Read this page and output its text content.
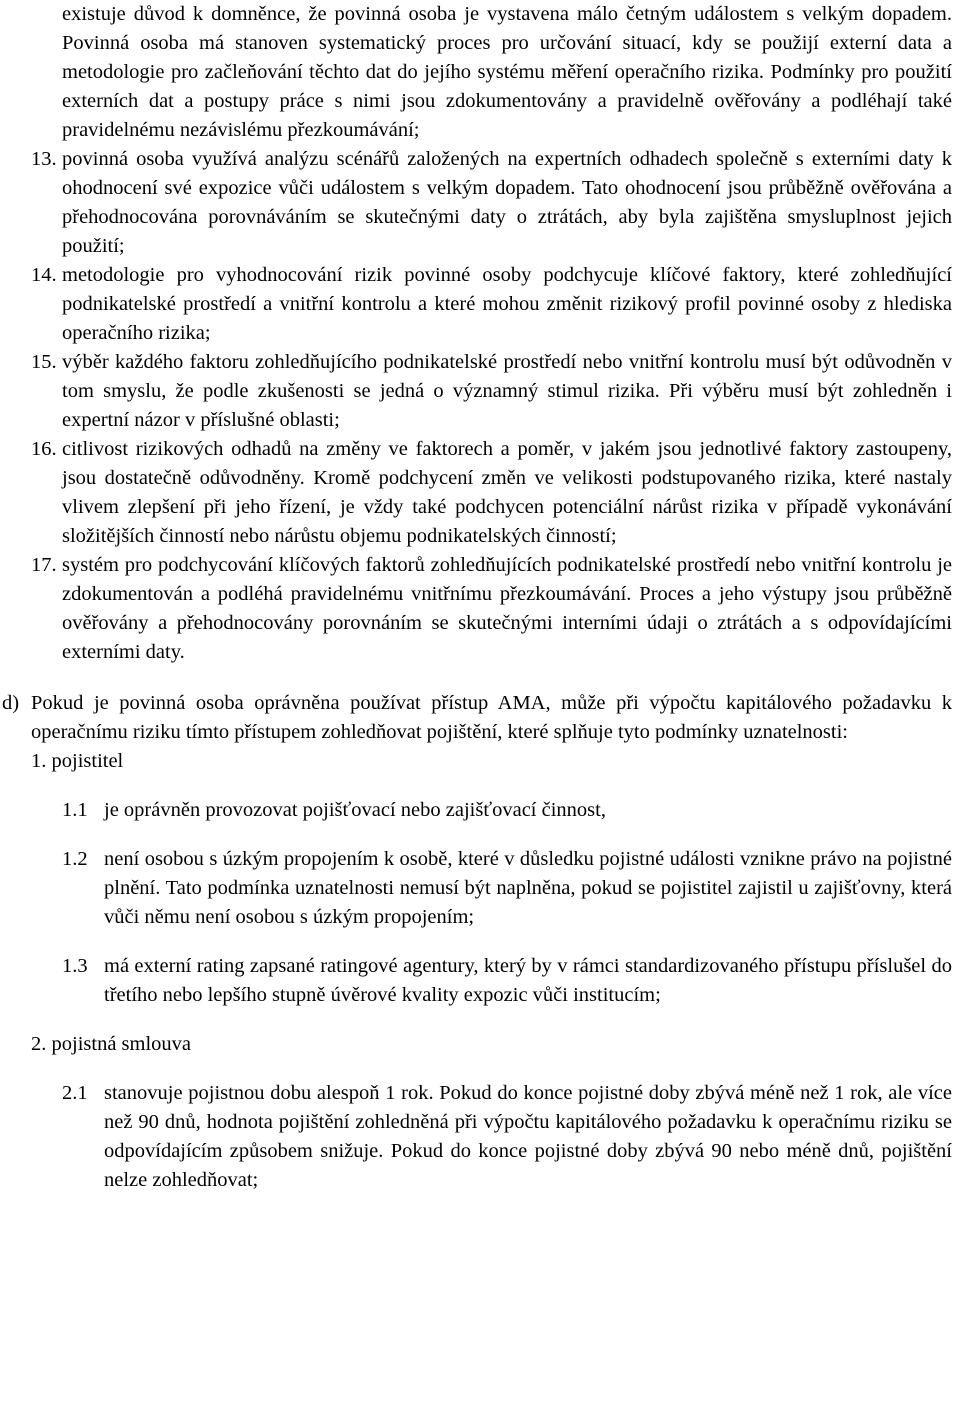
existuje důvod k domněnce, že povinná osoba je vystavena málo četným událostem s velkým dopadem. Povinná osoba má stanoven systematický proces pro určování situací, kdy se použijí externí data a metodologie pro začleňování těchto dat do jejího systému měření operačního rizika. Podmínky pro použití externích dat a postupy práce s nimi jsou zdokumentovány a pravidelně ověřovány a podléhají také pravidelnému nezávislému přezkoumávání;

13. povinná osoba využívá analýzu scénářů založených na expertních odhadech společně s externími daty k ohodnocení své expozice vůči událostem s velkým dopadem. Tato ohodnocení jsou průběžně ověřována a přehodnocována porovnáváním se skutečnými daty o ztrátách, aby byla zajištěna smysluplnost jejich použití;
14. metodologie pro vyhodnocování rizik povinné osoby podchycuje klíčové faktory, které zohledňující podnikatelské prostředí a vnitřní kontrolu a které mohou změnit rizikový profil povinné osoby z hlediska operačního rizika;
15. výběr každého faktoru zohledňujícího podnikatelské prostředí nebo vnitřní kontrolu musí být odůvodněn v tom smyslu, že podle zkušenosti se jedná o významný stimul rizika. Při výběru musí být zohledněn i expertní názor v příslušné oblasti;
16. citlivost rizikových odhadů na změny ve faktorech a poměr, v jakém jsou jednotlivé faktory zastoupeny, jsou dostatečně odůvodněny. Kromě podchycení změn ve velikosti podstupovaného rizika, které nastaly vlivem zlepšení při jeho řízení, je vždy také podchycen potenciální nárůst rizika v případě vykonávání složitějších činností nebo nárůstu objemu podnikatelských činností;
17. systém pro podchycování klíčových faktorů zohledňujících podnikatelské prostředí nebo vnitřní kontrolu je zdokumentován a podléhá pravidelnému vnitřnímu přezkoumávání. Proces a jeho výstupy jsou průběžně ověřovány a přehodnocovány porovnáním se skutečnými interními údaji o ztrátách a s odpovídajícími externími daty.
d) Pokud je povinná osoba oprávněna používat přístup AMA, může při výpočtu kapitálového požadavku k operačnímu riziku tímto přístupem zohledňovat pojištění, které splňuje tyto podmínky uznatelnosti:

1. pojistitel

1.1 je oprávněn provozovat pojišťovací nebo zajišťovací činnost,
1.2 není osobou s úzkým propojením k osobě, které v důsledku pojistné události vznikne právo na pojistné plnění. Tato podmínka uznatelnosti nemusí být naplněna, pokud se pojistitel zajistil u zajišťovny, která vůči němu není osobou s úzkým propojením;
1.3 má externí rating zapsané ratingové agentury, který by v rámci standardizovaného přístupu příslušel do třetího nebo lepšího stupně úvěrové kvality expozic vůči institucím;

2. pojistná smlouva

2.1 stanovuje pojistnou dobu alespoň 1 rok. Pokud do konce pojistné doby zbývá méně než 1 rok, ale více než 90 dnů, hodnota pojištění zohledněná při výpočtu kapitálového požadavku k operačnímu riziku se odpovídajícím způsobem snižuje. Pokud do konce pojistné doby zbývá 90 nebo méně dnů, pojištění nelze zohledňovat;
